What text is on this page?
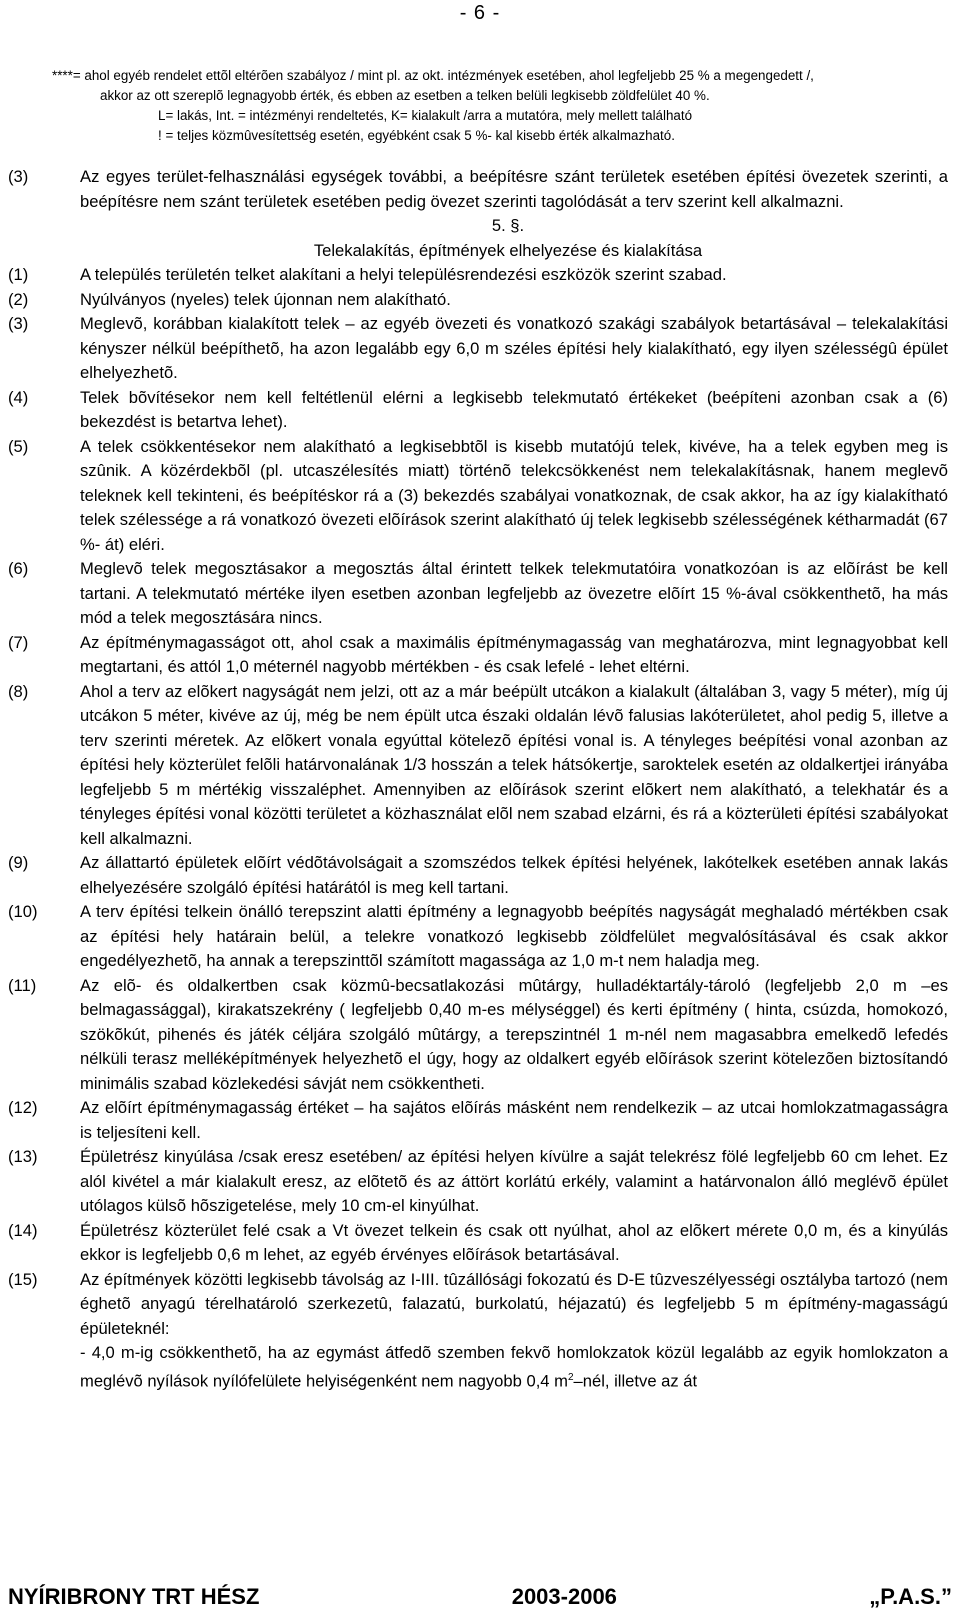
- 6 -
****= ahol egyéb rendelet ettõl eltérõen szabályoz / mint pl. az okt. intézmények esetében, ahol legfeljebb 25 % a megengedett /,
akkor az ott szereplõ legnagyobb érték, és ebben az esetben a telken belüli legkisebb zöldfelület 40 %.
L= lakás, Int. = intézményi rendeltetés, K= kialakult /arra a mutatóra, mely mellett található
! = teljes közmûvesítettség esetén, egyébként csak 5 %- kal kisebb érték alkalmazható.
(3)	Az egyes terület-felhasználási egységek további, a beépítésre szánt területek esetében építési övezetek szerinti, a beépítésre nem szánt területek esetében pedig övezet szerinti tagolódását a terv szerint kell alkalmazni.
5. §.
Telekalakítás, építmények elhelyezése és kialakítása
(1)	A település területén telket alakítani a helyi településrendezési eszközök szerint szabad.
(2)	Nyúlványos (nyeles) telek újonnan nem alakítható.
(3)	Meglevõ, korábban kialakított telek – az egyéb övezeti és vonatkozó szakági szabályok betartásával – telekalakítási kényszer nélkül beépíthetõ, ha azon legalább egy 6,0 m széles építési hely kialakítható, egy ilyen szélességû épület elhelyezhetõ.
(4)	Telek bõvítésekor nem kell feltétlenül elérni a legkisebb telekmutató értékeket (beépíteni azonban csak a (6) bekezdést is betartva lehet).
(5)	A telek csökkentésekor nem alakítható a legkisebbtõl is kisebb mutatójú telek, kivéve, ha a telek egyben meg is szûnik. A közérdekbõl (pl. utcaszélesítés miatt) történõ telekcsökkenést nem telekalakításnak, hanem meglevõ teleknek kell tekinteni, és beépítéskor rá a (3) bekezdés szabályai vonatkoznak, de csak akkor, ha az így kialakítható telek szélessége a rá vonatkozó övezeti elõírások szerint alakítható új telek legkisebb szélességének kétharmadát (67 %- át) eléri.
(6)	Meglevõ telek megosztásakor a megosztás által érintett telkek telekmutatóira vonatkozóan is az elõírást be kell tartani. A telekmutató mértéke ilyen esetben azonban legfeljebb az övezetre elõírt 15 %-ával csökkenthetõ, ha más mód a telek megosztására nincs.
(7)	Az építménymagasságot ott, ahol csak a maximális építménymagasság van meghatározva, mint legnagyobbat kell megtartani, és attól 1,0 méternél nagyobb mértékben - és csak lefelé - lehet eltérni.
(8)	Ahol a terv az elõkert nagyságát nem jelzi, ott az a már beépült utcákon a kialakult (általában 3, vagy 5 méter), míg új utcákon 5 méter, kivéve az új, még be nem épült utca északi oldalán lévõ falusias lakóterületet, ahol pedig 5, illetve a terv szerinti méretek. Az elõkert vonala egyúttal kötelezõ építési vonal is. A tényleges beépítési vonal azonban az építési hely közterület felõli határvonalának 1/3 hosszán a telek hátsókertje, saroktelek esetén az oldalkertjei irányába legfeljebb 5 m mértékig visszaléphet. Amennyiben az elõírások szerint elõkert nem alakítható, a telekhatár és a tényleges építési vonal közötti területet a közhasználat elõl nem szabad elzárni, és rá a közterületi építési szabályokat kell alkalmazni.
(9)	Az állattartó épületek elõírt védõtávolságait a szomszédos telkek építési helyének, lakótelkek esetében annak lakás elhelyezésére szolgáló építési határától is meg kell tartani.
(10)	A terv építési telkein önálló terepszint alatti építmény a legnagyobb beépítés nagyságát meghaladó mértékben csak az építési hely határain belül, a telekre vonatkozó legkisebb zöldfelület megvalósításával és csak akkor engedélyezhetõ, ha annak a terepszinttõl számított magassága az 1,0 m-t nem haladja meg.
(11)	Az elõ- és oldalkertben csak közmû-becsatlakozási mûtárgy, hulladéktartály-tároló (legfeljebb 2,0 m –es belmagassággal), kirakatszekrény ( legfeljebb 0,40 m-es mélységgel) és kerti építmény ( hinta, csúzda, homokozó, szökõkút, pihenés és játék céljára szolgáló mûtárgy, a terepszintnél 1 m-nél nem magasabbra emelkedõ lefedés nélküli terasz melléképítmények helyezhetõ el úgy, hogy az oldalkert egyéb elõírások szerint kötelezõen biztosítandó minimális szabad közlekedési sávját nem csökkentheti.
(12)	Az elõírt építménymagasság értéket – ha sajátos elõírás másként nem rendelkezik – az utcai homlokzatmagasságra is teljesíteni kell.
(13)	Épületrész kinyúlása /csak eresz esetében/ az építési helyen kívülre a saját telekrész fölé legfeljebb 60 cm lehet. Ez alól kivétel a már kialakult eresz, az elõtetõ és az áttört korlátú erkély, valamint a határvonalon álló meglévõ épület utólagos külsõ hõszigetelése, mely 10 cm-el kinyúlhat.
(14)	Épületrész közterület felé csak a Vt övezet telkein és csak ott nyúlhat, ahol az elõkert mérete 0,0 m, és a kinyúlás ekkor is legfeljebb 0,6 m lehet, az egyéb érvényes elõírások betartásával.
(15)	Az építmények közötti legkisebb távolság az I-III. tûzállósági fokozatú és D-E tûzveszélyességi osztályba tartozó (nem éghetõ anyagú térelhatároló szerkezetû, falazatú, burkolatú, héjazatú) és legfeljebb 5 m építmény-magasságú épületeknél:
- 4,0 m-ig csökkenthetõ, ha az egymást átfedõ szemben fekvõ homlokzatok közül legalább az egyik homlokzaton a meglévõ nyílások nyílófelülete helyiségenként nem nagyobb 0,4 $m^2$–nél, illetve az át
NYÍRIBRONY TRT HÉSZ	2003-2006	„P.A.S.”
